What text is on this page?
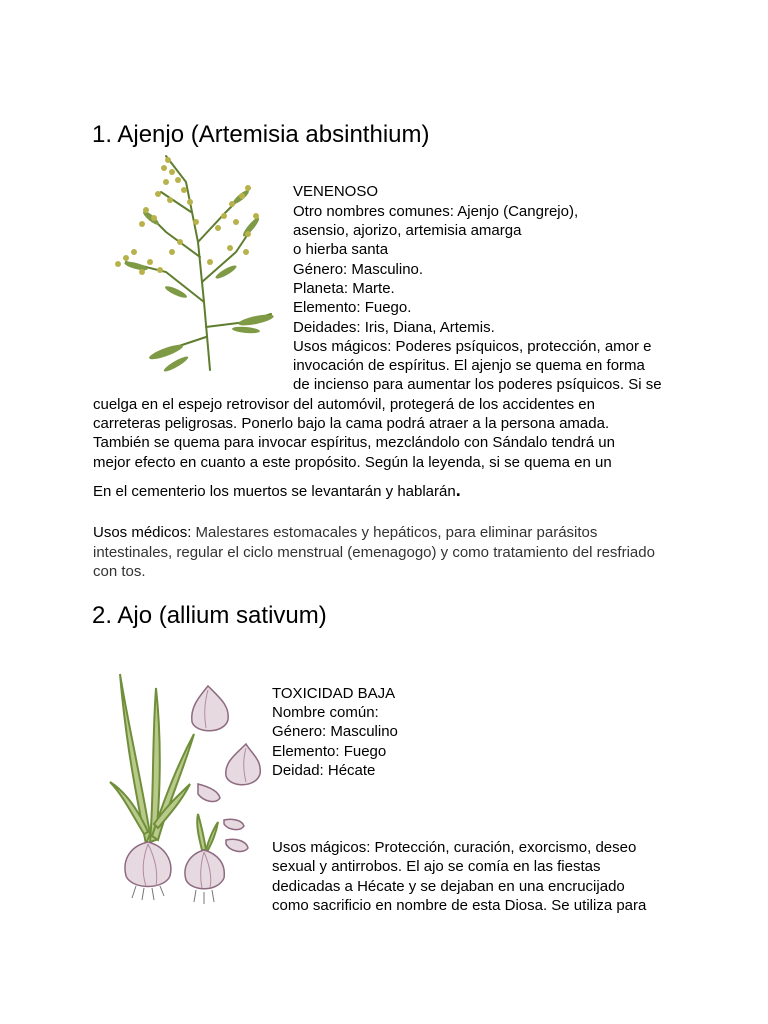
1. Ajenjo (Artemisia absinthium)
VENENOSO
Otro nombres comunes: Ajenjo (Cangrejo),
asensio, ajorizo, artemisia amarga
o hierba santa
Género: Masculino.
Planeta: Marte.
Elemento: Fuego.
Deidades: Iris, Diana, Artemis.
Usos mágicos: Poderes psíquicos, protección, amor e
invocación de espíritus. El ajenjo se quema en forma
de incienso para aumentar los poderes psíquicos. Si se
cuelga en el espejo retrovisor del automóvil, protegerá de los accidentes en
carreteras peligrosas. Ponerlo bajo la cama podrá atraer a la persona amada.
También se quema para invocar espíritus, mezclándolo con Sándalo tendrá un
mejor efecto en cuanto a este propósito. Según la leyenda, si se quema en un
En el cementerio los muertos se levantarán y hablarán.
Usos médicos: Malestares estomacales y hepáticos, para eliminar parásitos
intestinales, regular el ciclo menstrual (emenagogo) y como tratamiento del resfriado
con tos.
2. Ajo (allium sativum)
TOXICIDAD BAJA
Nombre común:
Género: Masculino
Elemento: Fuego
Deidad: Hécate
Usos mágicos: Protección, curación, exorcismo, deseo
sexual y antirrobos. El ajo se comía en las fiestas
dedicadas a Hécate y se dejaban en una encrucijado
como sacrificio en nombre de esta Diosa. Se utiliza para
